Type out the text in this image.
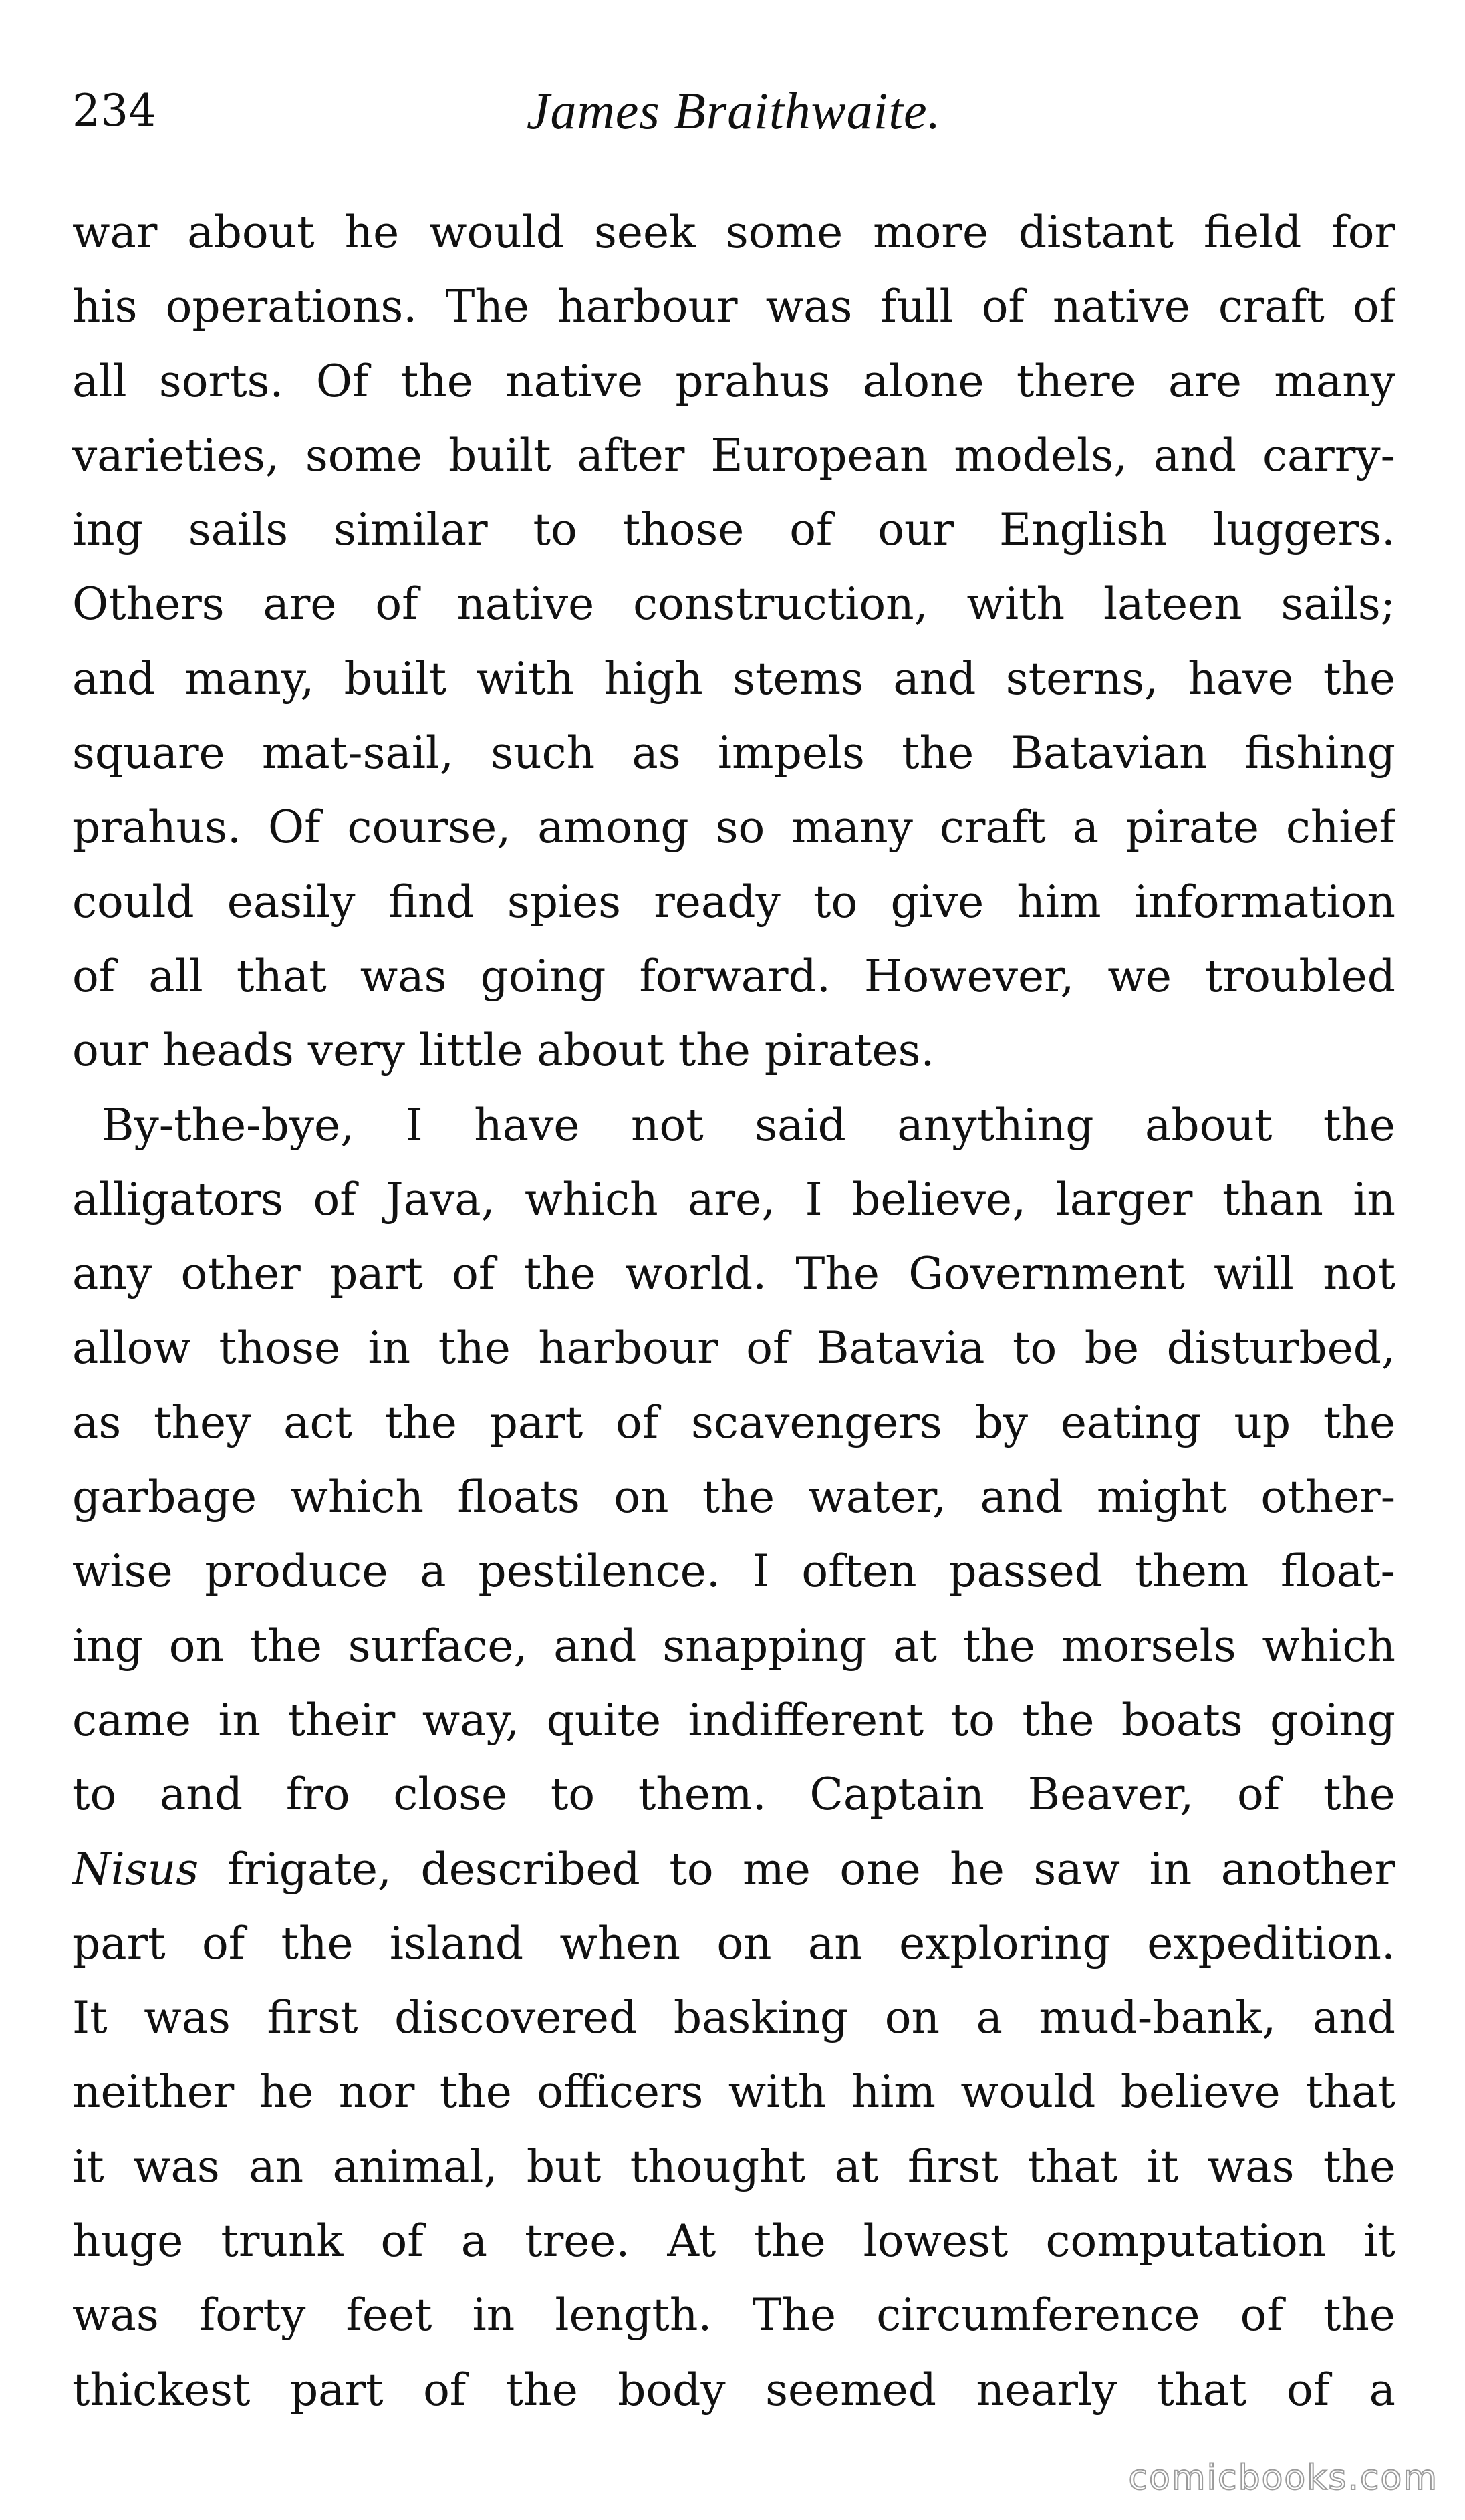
234	James Braithwaite.
war about he would seek some more distant field for
his operations. The harbour was full of native craft of
all sorts. Of the native prahus alone there are many
varieties, some built after European models, and carry-
ing sails similar to those of our English luggers.
Others are of native construction, with lateen sails;
and many, built with high stems and sterns, have the
square mat-sail, such as impels the Batavian fishing
prahus. Of course, among so many craft a pirate chief
could easily find spies ready to give him information
of all that was going forward. However, we troubled
our heads very little about the pirates.
By-the-bye, I have not said anything about the
alligators of Java, which are, I believe, larger than in
any other part of the world. The Government will not
allow those in the harbour of Batavia to be disturbed,
as they act the part of scavengers by eating up the
garbage which floats on the water, and might other-
wise produce a pestilence. I often passed them float-
ing on the surface, and snapping at the morsels which
came in their way, quite indifferent to the boats going
to and fro close to them. Captain Beaver, of the
Nisus frigate, described to me one he saw in another
part of the island when on an exploring expedition.
It was first discovered basking on a mud-bank, and
neither he nor the officers with him would believe that
it was an animal, but thought at first that it was the
huge trunk of a tree. At the lowest computation it
was forty feet in length. The circumference of the
thickest part of the body seemed nearly that of a
comicbooks.com
